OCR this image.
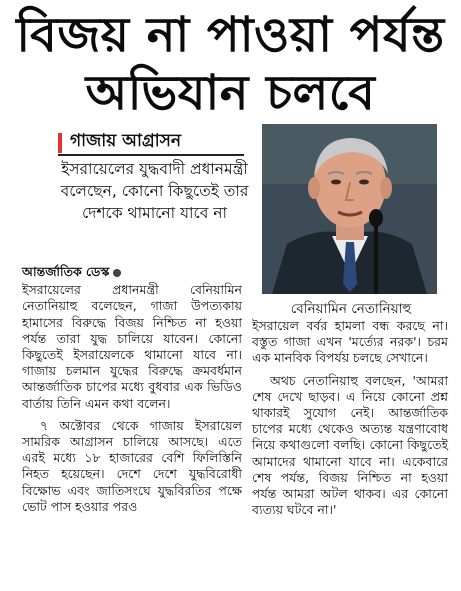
বিজয় না পাওয়া পর্যন্ত
অভিযান চলবে
গাজায় আগ্রাসন
ইসরায়েলের যুদ্ধবাদী প্রধানমন্ত্রী বলেছেন, কোনো কিছুতেই তার দেশকে থামানো যাবে না
বেনিয়ামিন নেতানিয়াহু

আন্তর্জাতিক ডেস্ক

ইসরায়েলের প্রধানমন্ত্রী বেনিয়ামিন নেতানিয়াহু বলেছেন, গাজা উপত্যকায় হামাসের বিরুদ্ধে বিজয় নিশ্চিত না হওয়া পর্যন্ত তারা যুদ্ধ চালিয়ে যাবেন। কোনো কিছুতেই ইসরায়েলকে থামানো যাবে না। গাজায় চলমান যুদ্ধের বিরুদ্ধে ক্রমবর্ধমান আন্তর্জাতিক চাপের মধ্যে বুধবার এক ভিডিও বার্তায় তিনি এমন কথা বলেন।

৭ অক্টোবর থেকে গাজায় ইসরায়েল সামরিক আগ্রাসন চালিয়ে আসছে। এতে এরই মধ্যে ১৮ হাজারের বেশি ফিলিস্তিনি নিহত হয়েছেন। দেশে দেশে যুদ্ধবিরোধী বিক্ষোভ এবং জাতিসংঘে যুদ্ধবিরতির পক্ষে ভোট পাস হওয়ার পরও

ইসরায়েল বর্বর হামলা বন্ধ করছে না। বস্তুত গাজা এখন 'মর্ত্যের নরক'। চরম এক মানবিক বিপর্যয় চলছে সেখানে।

অথচ নেতানিয়াহু বলছেন, 'আমরা শেষ দেখে ছাড়ব। এ নিয়ে কোনো প্রশ্ন থাকারই সুযোগ নেই। আন্তর্জাতিক চাপের মধ্যে থেকেও অত্যন্ত যন্ত্রণাবোধ নিয়ে কথাগুলো বলছি। কোনো কিছুতেই আমাদের থামানো যাবে না। একেবারে শেষ পর্যন্ত, বিজয় নিশ্চিত না হওয়া পর্যন্ত আমরা অটল থাকব। এর কোনো ব্যত্যয় ঘটবে না।'
